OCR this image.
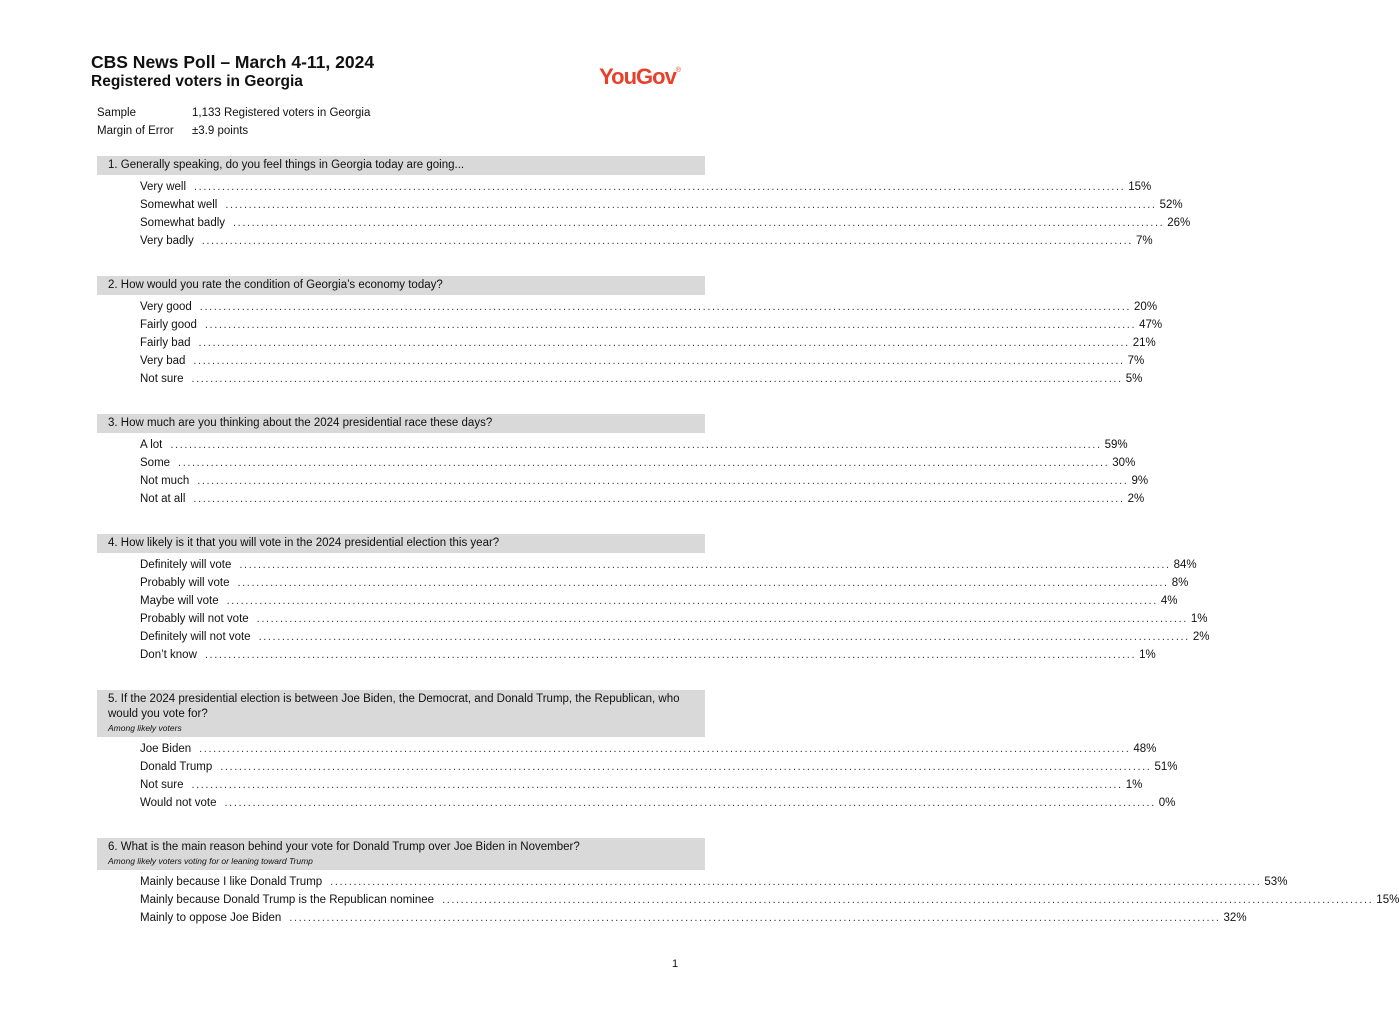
CBS News Poll – March 4-11, 2024
Registered voters in Georgia	YouGov®
Sample	1,133 Registered voters in Georgia
Margin of Error	±3.9 points
1. Generally speaking, do you feel things in Georgia today are going...
Very well ........................................................................................................................................................................................................ 15%
Somewhat well ........................................................................................................................................................................................................ 52%
Somewhat badly ........................................................................................................................................................................................................ 26%
Very badly ........................................................................................................................................................................................................ 7%
2. How would you rate the condition of Georgia’s economy today?
Very good ........................................................................................................................................................................................................ 20%
Fairly good ........................................................................................................................................................................................................ 47%
Fairly bad ........................................................................................................................................................................................................ 21%
Very bad ........................................................................................................................................................................................................ 7%
Not sure ........................................................................................................................................................................................................ 5%
3. How much are you thinking about the 2024 presidential race these days?
A lot ........................................................................................................................................................................................................ 59%
Some ........................................................................................................................................................................................................ 30%
Not much ........................................................................................................................................................................................................ 9%
Not at all ........................................................................................................................................................................................................ 2%
4. How likely is it that you will vote in the 2024 presidential election this year?
Definitely will vote ........................................................................................................................................................................................................ 84%
Probably will vote ........................................................................................................................................................................................................ 8%
Maybe will vote ........................................................................................................................................................................................................ 4%
Probably will not vote ........................................................................................................................................................................................................ 1%
Definitely will not vote ........................................................................................................................................................................................................ 2%
Don’t know ........................................................................................................................................................................................................ 1%
5. If the 2024 presidential election is between Joe Biden, the Democrat, and Donald Trump, the Republican, who would you vote for?
Among likely voters
Joe Biden ........................................................................................................................................................................................................ 48%
Donald Trump ........................................................................................................................................................................................................ 51%
Not sure ........................................................................................................................................................................................................ 1%
Would not vote ........................................................................................................................................................................................................ 0%
6. What is the main reason behind your vote for Donald Trump over Joe Biden in November?
Among likely voters voting for or leaning toward Trump
Mainly because I like Donald Trump ........................................................................................................................................................................................................ 53%
Mainly because Donald Trump is the Republican nominee ........................................................................................................................................................................................................ 15%
Mainly to oppose Joe Biden ........................................................................................................................................................................................................ 32%
1
